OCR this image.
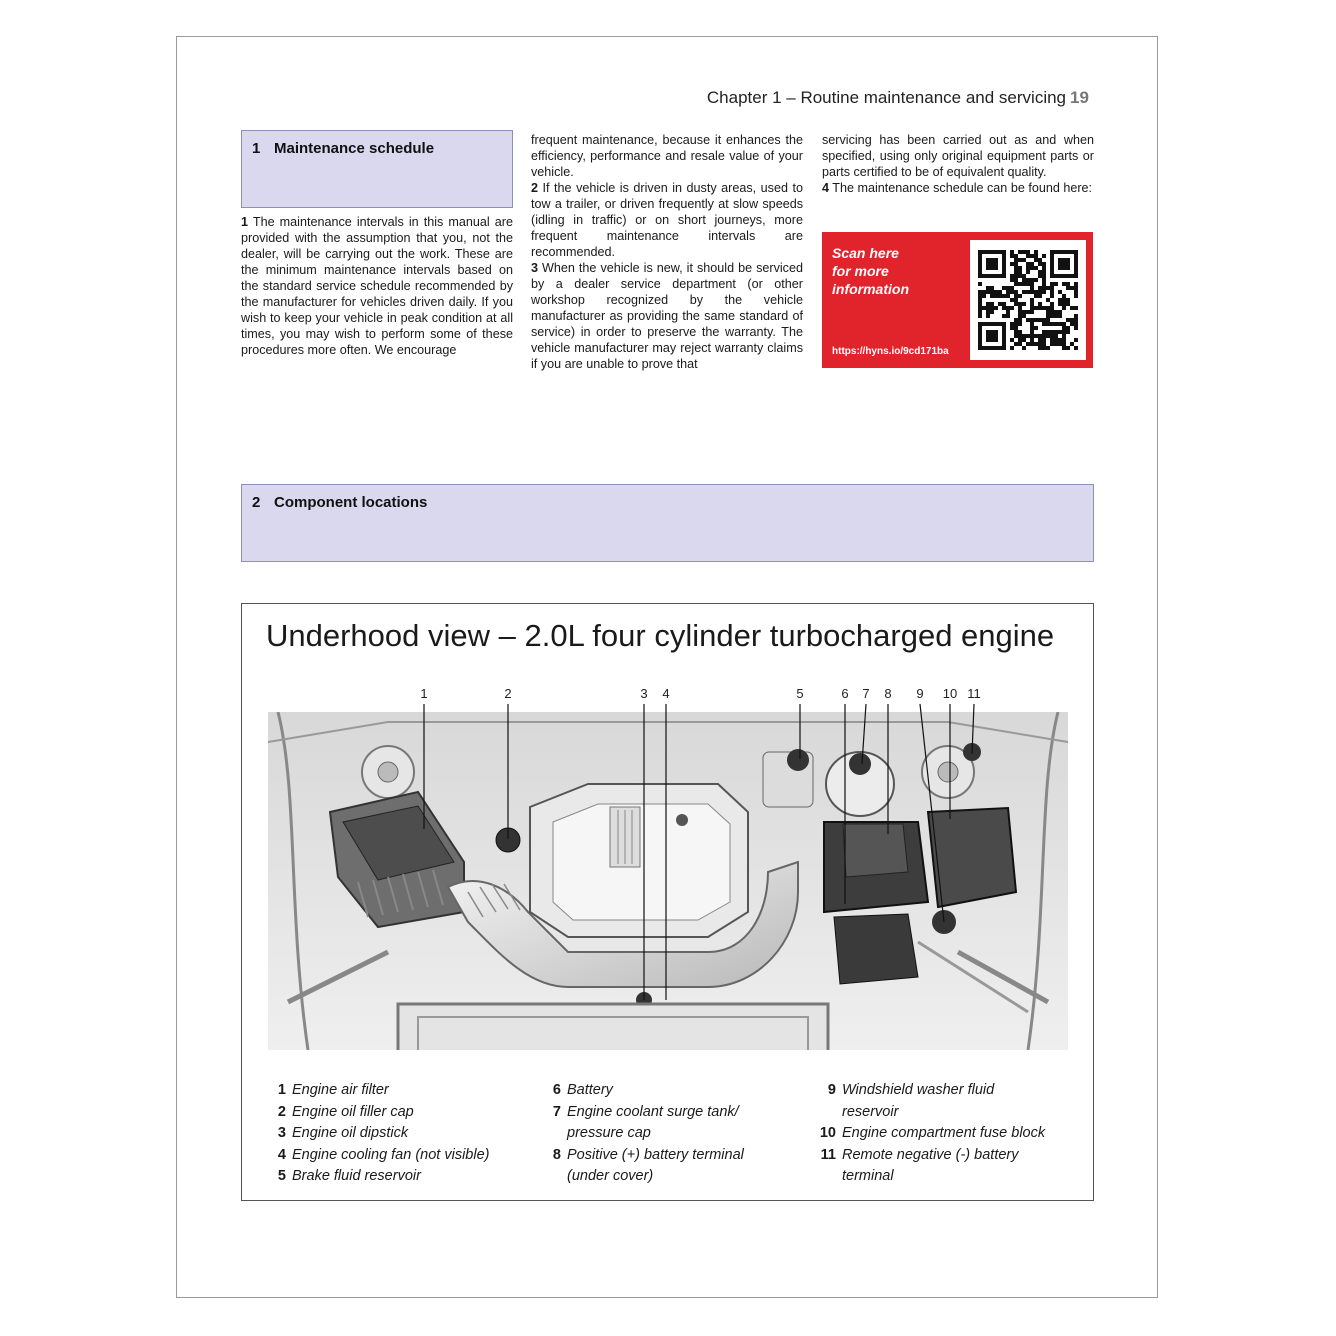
Chapter 1 – Routine maintenance and servicing 19
1 Maintenance schedule

1 The maintenance intervals in this manual are provided with the assumption that you, not the dealer, will be carrying out the work. These are the minimum maintenance intervals based on the standard service schedule recommended by the manufacturer for vehicles driven daily. If you wish to keep your vehicle in peak condition at all times, you may wish to perform some of these procedures more often. We encourage

frequent maintenance, because it enhances the efficiency, performance and resale value of your vehicle.

2 If the vehicle is driven in dusty areas, used to tow a trailer, or driven frequently at slow speeds (idling in traffic) or on short journeys, more frequent maintenance intervals are recommended.

3 When the vehicle is new, it should be serviced by a dealer service department (or other workshop recognized by the vehicle manufacturer as providing the same standard of service) in order to preserve the warranty. The vehicle manufacturer may reject warranty claims if you are unable to prove that

servicing has been carried out as and when specified, using only original equipment parts or parts certified to be of equivalent quality.

4 The maintenance schedule can be found here:

Scan here
for more
information
https://hyns.io/9cd171ba
2 Component locations
Underhood view – 2.0L four cylinder turbocharged engine
1	2	3 4	5	6 7 8 9 10 11
1 Engine air filter
2 Engine oil filler cap
3 Engine oil dipstick
4 Engine cooling fan (not visible)
5 Brake fluid reservoir
6 Battery
7 Engine coolant surge tank/
pressure cap
8 Positive (+) battery terminal
(under cover)
9 Windshield washer fluid
reservoir
10 Engine compartment fuse block
11 Remote negative (-) battery
terminal
